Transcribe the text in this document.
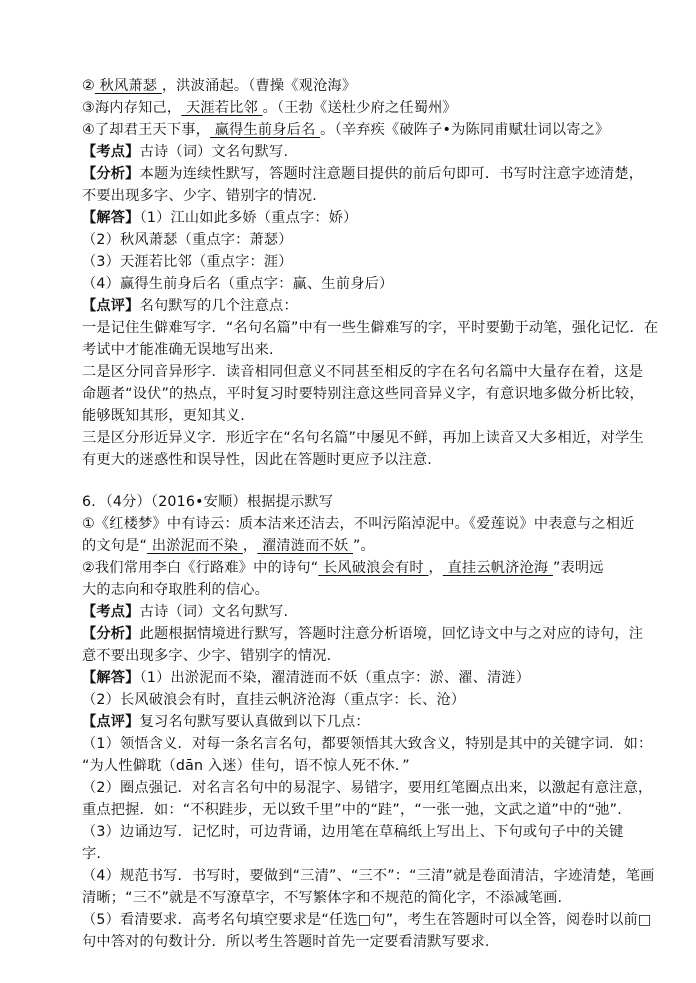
② 秋风萧瑟 ，洪波涌起。（曹操《观沧海》
③海内存知己， 天涯若比邻 。（王勃《送杜少府之任蜀州》
④了却君王天下事， 赢得生前身后名 。（辛弃疾《破阵子•为陈同甫赋壮词以寄之》
【考点】古诗（词）文名句默写.
【分析】本题为连续性默写，答题时注意题目提供的前后句即可．书写时注意字迹清楚，
不要出现多字、少字、错别字的情况.
【解答】（1）江山如此多娇（重点字：娇）
（2）秋风萧瑟（重点字：萧瑟）
（3）天涯若比邻（重点字：涯）
（4）赢得生前身后名（重点字：赢、生前身后）
【点评】名句默写的几个注意点：
一是记住生僻难写字．“名句名篇”中有一些生僻难写的字，平时要勤于动笔，强化记忆．在
考试中才能准确无误地写出来.
二是区分同音异形字．读音相同但意义不同甚至相反的字在名句名篇中大量存在着，这是
命题者“设伏”的热点，平时复习时要特别注意这些同音异义字，有意识地多做分析比较，
能够既知其形，更知其义.
三是区分形近异义字．形近字在“名句名篇”中屡见不鲜，再加上读音又大多相近，对学生
有更大的迷惑性和误导性，因此在答题时更应予以注意.
6．（4分）（2016•安顺）根据提示默写
①《红楼梦》中有诗云：质本洁来还洁去，不叫污陷淖泥中。《爱莲说》中表意与之相近
的文句是“ 出淤泥而不染 ， 濯清涟而不妖 ”。
②我们常用李白《行路难》中的诗句“ 长风破浪会有时 ， 直挂云帆济沧海 ”表明远
大的志向和夺取胜利的信心。
【考点】古诗（词）文名句默写.
【分析】此题根据情境进行默写，答题时注意分析语境，回忆诗文中与之对应的诗句，注
意不要出现多字、少字、错别字的情况.
【解答】（1）出淤泥而不染，濯清涟而不妖（重点字：淤、濯、清涟）
（2）长风破浪会有时，直挂云帆济沧海（重点字：长、沧）
【点评】复习名句默写要认真做到以下几点：
（1）领悟含义．对每一条名言名句，都要领悟其大致含义，特别是其中的关键字词．如：
“为人性僻耽（dān 入迷）佳句，语不惊人死不休．”
（2）圈点强记．对名言名句中的易混字、易错字，要用红笔圈点出来，以激起有意注意，
重点把握．如：“不积跬步，无以致千里”中的“跬”，“一张一弛，文武之道”中的“弛”.
（3）边诵边写．记忆时，可边背诵，边用笔在草稿纸上写出上、下句或句子中的关键
字.
（4）规范书写．书写时，要做到“三清”、“三不”：“三清”就是卷面清洁，字迹清楚，笔画
清晰；“三不”就是不写潦草字，不写繁体字和不规范的简化字，不添减笔画.
（5）看清要求．高考名句填空要求是“任选□句”，考生在答题时可以全答，阅卷时以前□
句中答对的句数计分．所以考生答题时首先一定要看清默写要求.
